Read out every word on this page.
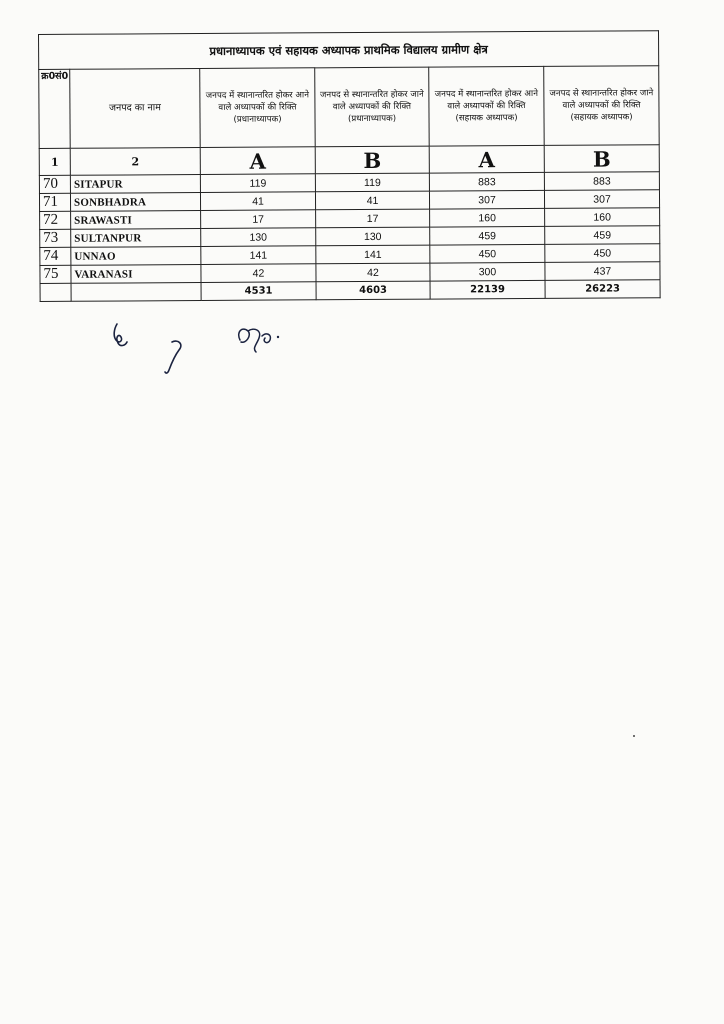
प्रधानाध्यापक एवं सहायक अध्यापक प्राथमिक विद्यालय ग्रामीण क्षेत्र					
क्र0सं0	जनपद का नाम	जनपद में स्थानान्तरित होकर आने वाले अध्यापकों की रिक्ति (प्रधानाध्यापक)	जनपद से स्थानान्तरित होकर जाने वाले अध्यापकों की रिक्ति (प्रधानाध्यापक)	जनपद में स्थानान्तरित होकर आने वाले अध्यापकों की रिक्ति (सहायक अध्यापक)	जनपद से स्थानान्तरित होकर जाने वाले अध्यापकों की रिक्ति (सहायक अध्यापक)
1	2	A	B	A	B
70	SITAPUR	119	119	883	883
71	SONBHADRA	41	41	307	307
72	SRAWASTI	17	17	160	160
73	SULTANPUR	130	130	459	459
74	UNNAO	141	141	450	450
75	VARANASI	42	42	300	437
		4531	4603	22139	26223
